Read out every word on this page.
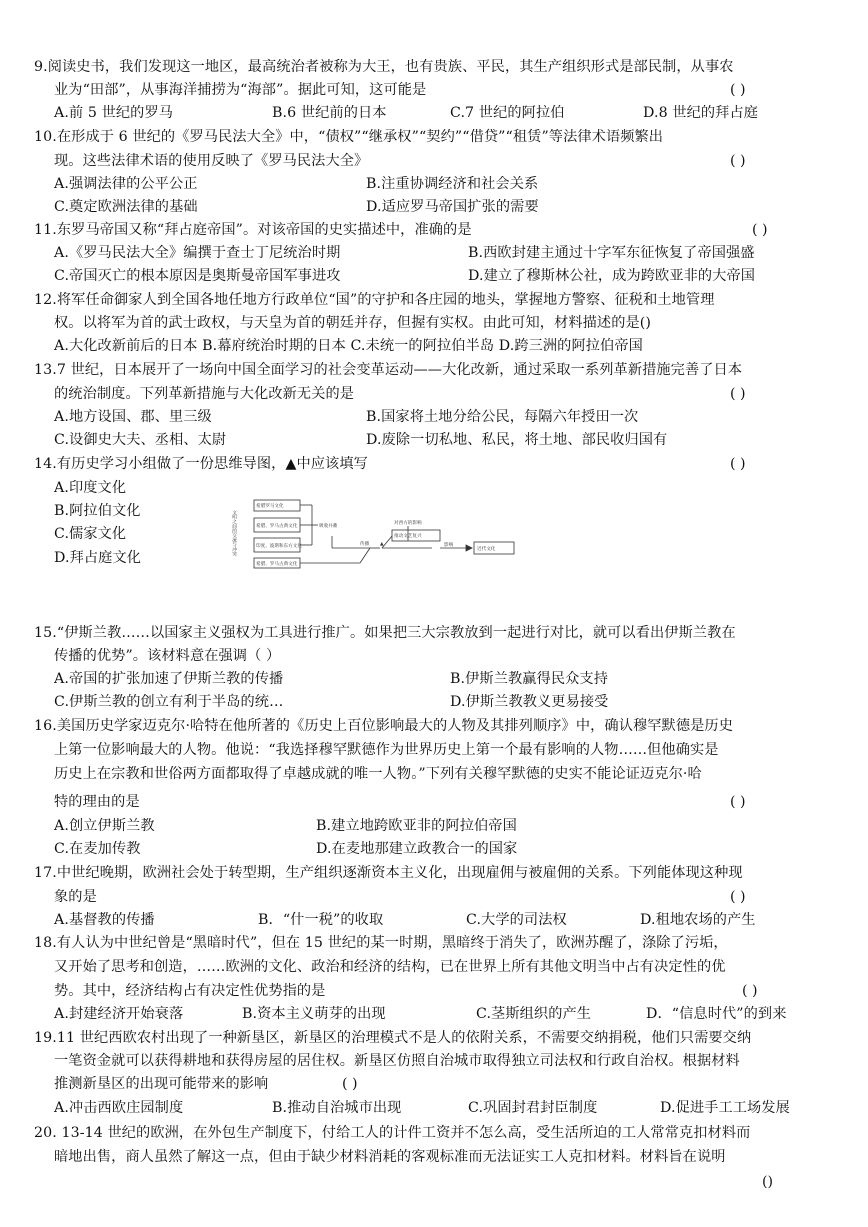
9.阅读史书，我们发现这一地区，最高统治者被称为大王，也有贵族、平民，其生产组织形式是部民制，从事农
业为“田部”，从事海洋捕捞为“海部”。据此可知，这可能是	( )
A.前 5 世纪的罗马	B.6 世纪前的日本	C.7 世纪的阿拉伯	D.8 世纪的拜占庭
10.在形成于 6 世纪的《罗马民法大全》中，“债权”“继承权”“契约”“借贷”“租赁”等法律术语频繁出
现。这些法律术语的使用反映了《罗马民法大全》	( )
A.强调法律的公平公正	B.注重协调经济和社会关系
C.奠定欧洲法律的基础	D.适应罗马帝国扩张的需要
11.东罗马帝国又称“拜占庭帝国”。对该帝国的史实描述中，准确的是	( )
A.《罗马民法大全》编撰于查士丁尼统治时期	B.西欧封建主通过十字军东征恢复了帝国强盛
C.帝国灭亡的根本原因是奥斯曼帝国军事进攻	D.建立了穆斯林公社，成为跨欧亚非的大帝国
12.将军任命御家人到全国各地任地方行政单位“国”的守护和各庄园的地头，掌握地方警察、征税和土地管理
权。以将军为首的武士政权，与天皇为首的朝廷并存，但握有实权。由此可知，材料描述的是()
A.大化改新前后的日本 B.幕府统治时期的日本 C.未统一的阿拉伯半岛 D.跨三洲的阿拉伯帝国
13.7 世纪，日本展开了一场向中国全面学习的社会变革运动——大化改新，通过采取一系列革新措施完善了日本
的统治制度。下列革新措施与大化改新无关的是	( )
A.地方设国、郡、里三级	B.国家将土地分给公民，每隔六年授田一次
C.设御史大夫、丞相、太尉	D.废除一切私地、私民，将土地、部民收归国有
14.有历史学习小组做了一份思维导图，▲中应该填写	( )
A.印度文化
B.阿拉伯文化
C.儒家文化
D.拜占庭文化
文明之间的交流与冲突
希腊罗马文化
希腊、罗马古典文化
印度、波斯和东方文化
希腊、罗马古典文化
吸收并蓄
传播 ▲
对西方的影响
推动文艺复兴
影响
近代文化
15.“伊斯兰教……以国家主义强权为工具进行推广。如果把三大宗教放到一起进行对比，就可以看出伊斯兰教在
传播的优势”。该材料意在强调（ ）
A.帝国的扩张加速了伊斯兰教的传播	B.伊斯兰教赢得民众支持
C.伊斯兰教的创立有利于半岛的统…	D.伊斯兰教教义更易接受
16.美国历史学家迈克尔·哈特在他所著的《历史上百位影响最大的人物及其排列顺序》中，确认穆罕默德是历史
上第一位影响最大的人物。他说：“我选择穆罕默德作为世界历史上第一个最有影响的人物……但他确实是
历史上在宗教和世俗两方面都取得了卓越成就的唯一人物。”下列有关穆罕默德的史实不能论证迈克尔·哈
特的理由的是	( )
A.创立伊斯兰教	B.建立地跨欧亚非的阿拉伯帝国
C.在麦加传教	D.在麦地那建立政教合一的国家
17.中世纪晚期，欧洲社会处于转型期，生产组织逐渐资本主义化，出现雇佣与被雇佣的关系。下列能体现这种现
象的是	( )
A.基督教的传播	B．“什一税”的收取	C.大学的司法权	D.租地农场的产生
18.有人认为中世纪曾是“黑暗时代”，但在 15 世纪的某一时期，黑暗终于消失了，欧洲苏醒了，涤除了污垢，
又开始了思考和创造，……欧洲的文化、政治和经济的结构，已在世界上所有其他文明当中占有决定性的优
势。其中，经济结构占有决定性优势指的是	( )
A.封建经济开始衰落	B.资本主义萌芽的出现	C.茎斯组织的产生	D．“信息时代”的到来
19.11 世纪西欧农村出现了一种新垦区，新垦区的治理模式不是人的依附关系，不需要交纳捐税，他们只需要交纳
一笔资金就可以获得耕地和获得房屋的居住权。新垦区仿照自治城市取得独立司法权和行政自治权。根据材料
推测新垦区的出现可能带来的影响	( )
A.冲击西欧庄园制度	B.推动自治城市出现	C.巩固封君封臣制度	D.促进手工工场发展
20. 13-14 世纪的欧洲，在外包生产制度下，付给工人的计件工资并不怎么高，受生活所迫的工人常常克扣材料而
暗地出售，商人虽然了解这一点，但由于缺少材料消耗的客观标准而无法证实工人克扣材料。材料旨在说明
()
